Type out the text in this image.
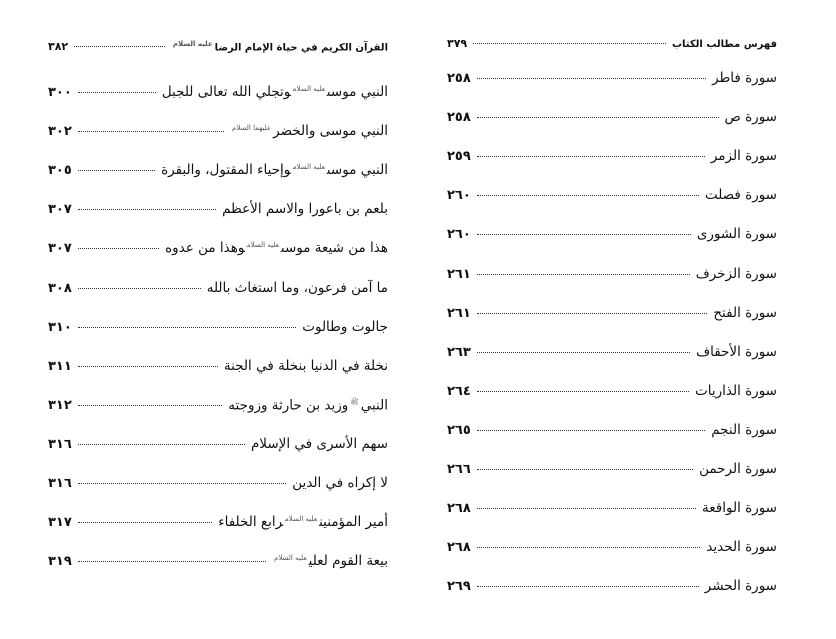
القرآن الكريم في حياة الإمام الرضا$^{عليه السلام}$
٣٨٢
النبي موسى$^{عليه السلام}$وتجلي الله تعالى للجبل
٣٠٠
النبي موسى والخضر$^{عليهما السلام}$
٣٠٢
النبي موسى$^{عليه السلام}$وإحياء المقتول، والبقرة
٣٠٥
بلعم بن باعورا والاسم الأعظم
٣٠٧
هذا من شيعة موسى$^{عليه السلام}$وهذا من عدوه
٣٠٧
ما آمن فرعون، وما استغاث بالله
٣٠٨
جالوت وطالوت
٣١٠
نخلة في الدنيا بنخلة في الجنة
٣١١
النبي$^ﷺ$وزيد بن حارثة وزوجته
٣١٢
سهم الأسرى في الإسلام
٣١٦
لا إكراه في الدين
٣١٦
أمير المؤمنين$^{عليه السلام}$رابع الخلفاء
٣١٧
بيعة القوم لعلي$^{عليه السلام}$
٣١٩
فهرس مطالب الكتاب
٣٧٩
سورة فاطر
٢٥٨
سورة ص
٢٥٨
سورة الزمر
٢٥٩
سورة فصلت
٢٦٠
سورة الشورى
٢٦٠
سورة الزخرف
٢٦١
سورة الفتح
٢٦١
سورة الأحقاف
٢٦٣
سورة الذاريات
٢٦٤
سورة النجم
٢٦٥
سورة الرحمن
٢٦٦
سورة الواقعة
٢٦٨
سورة الحديد
٢٦٨
سورة الحشر
٢٦٩
